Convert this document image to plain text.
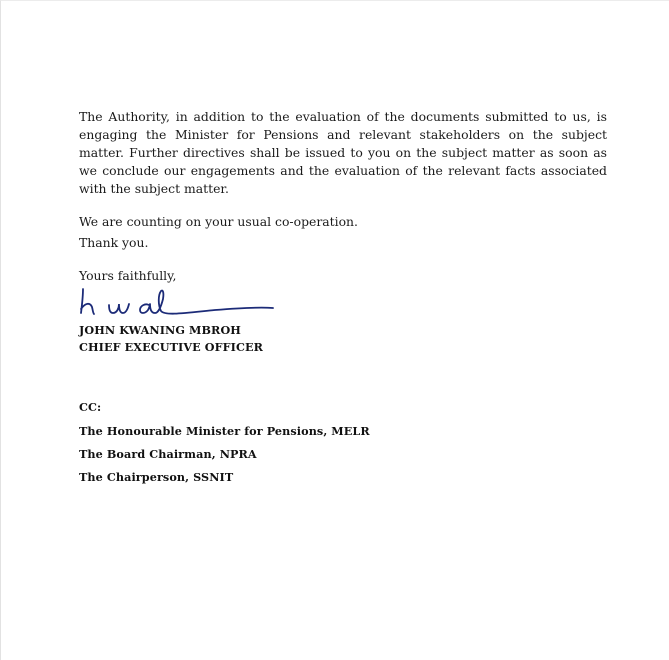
The Authority, in addition to the evaluation of the documents submitted to us, is engaging the Minister for Pensions and relevant stakeholders on the subject matter. Further directives shall be issued to you on the subject matter as soon as we conclude our engagements and the evaluation of the relevant facts associated with the subject matter.

We are counting on your usual co-operation.
Thank you.
Yours faithfully,
JOHN KWANING MBROH
CHIEF EXECUTIVE OFFICER
CC:
The Honourable Minister for Pensions, MELR
The Board Chairman, NPRA
The Chairperson, SSNIT
